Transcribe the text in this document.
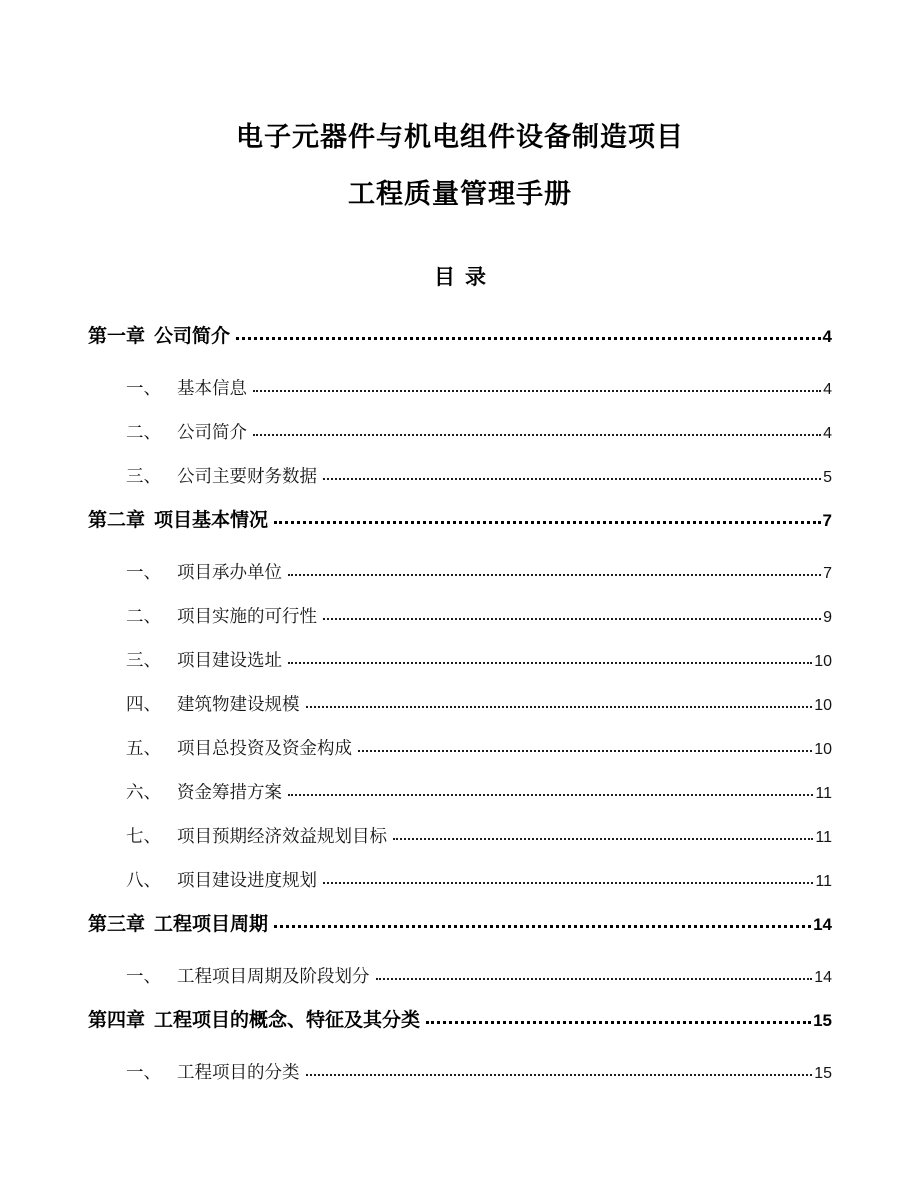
电子元器件与机电组件设备制造项目
工程质量管理手册
目录
第一章 公司简介	4
一、 基本信息	4
二、 公司简介	4
三、 公司主要财务数据	5
第二章 项目基本情况	7
一、 项目承办单位	7
二、 项目实施的可行性	9
三、 项目建设选址	10
四、 建筑物建设规模	10
五、 项目总投资及资金构成	10
六、 资金筹措方案	11
七、 项目预期经济效益规划目标	11
八、 项目建设进度规划	11
第三章 工程项目周期	14
一、 工程项目周期及阶段划分	14
第四章 工程项目的概念、特征及其分类	15
一、 工程项目的分类	15
